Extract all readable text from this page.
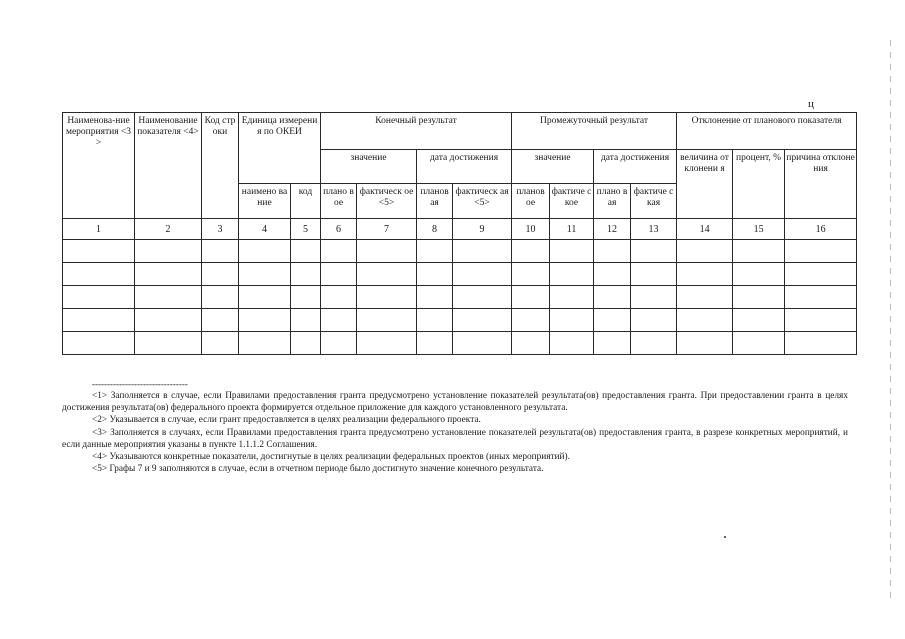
ц
Наименова-ние мероприятия <3>	Наименование показателя <4>	Код строки	Единица измерения по ОКЕИ		Конечный результат				Промежуточный результат				Отклонение от планового показателя		
					значение		дата достижения		значение		дата достижения		величина отклонени я	процент, %	причина отклонения
			наимено вание	код	плано вое	фактическ ое <5>	планов ая	фактическ ая <5>	планов ое	фактиче ское	плано вая	фактиче ская			
1	2	3	4	5	6	7	8	9	10	11	12	13	14	15	16

--------------------------------

<1> Заполняется в случае, если Правилами предоставления гранта предусмотрено установление показателей результата(ов) предоставления гранта. При предоставлении гранта в целях достижения результата(ов) федерального проекта формируется отдельное приложение для каждого установленного результата.

<2> Указывается в случае, если грант предоставляется в целях реализации федерального проекта.

<3> Заполняется в случаях, если Правилами предоставления гранта предусмотрено установление показателей результата(ов) предоставления гранта, в разрезе конкретных мероприятий, и если данные мероприятия указаны в пункте 1.1.1.2 Соглашения.

<4> Указываются конкретные показатели, достигнутые в целях реализации федеральных проектов (иных мероприятий).

<5> Графы 7 и 9 заполняются в случае, если в отчетном периоде было достигнуто значение конечного результата.
